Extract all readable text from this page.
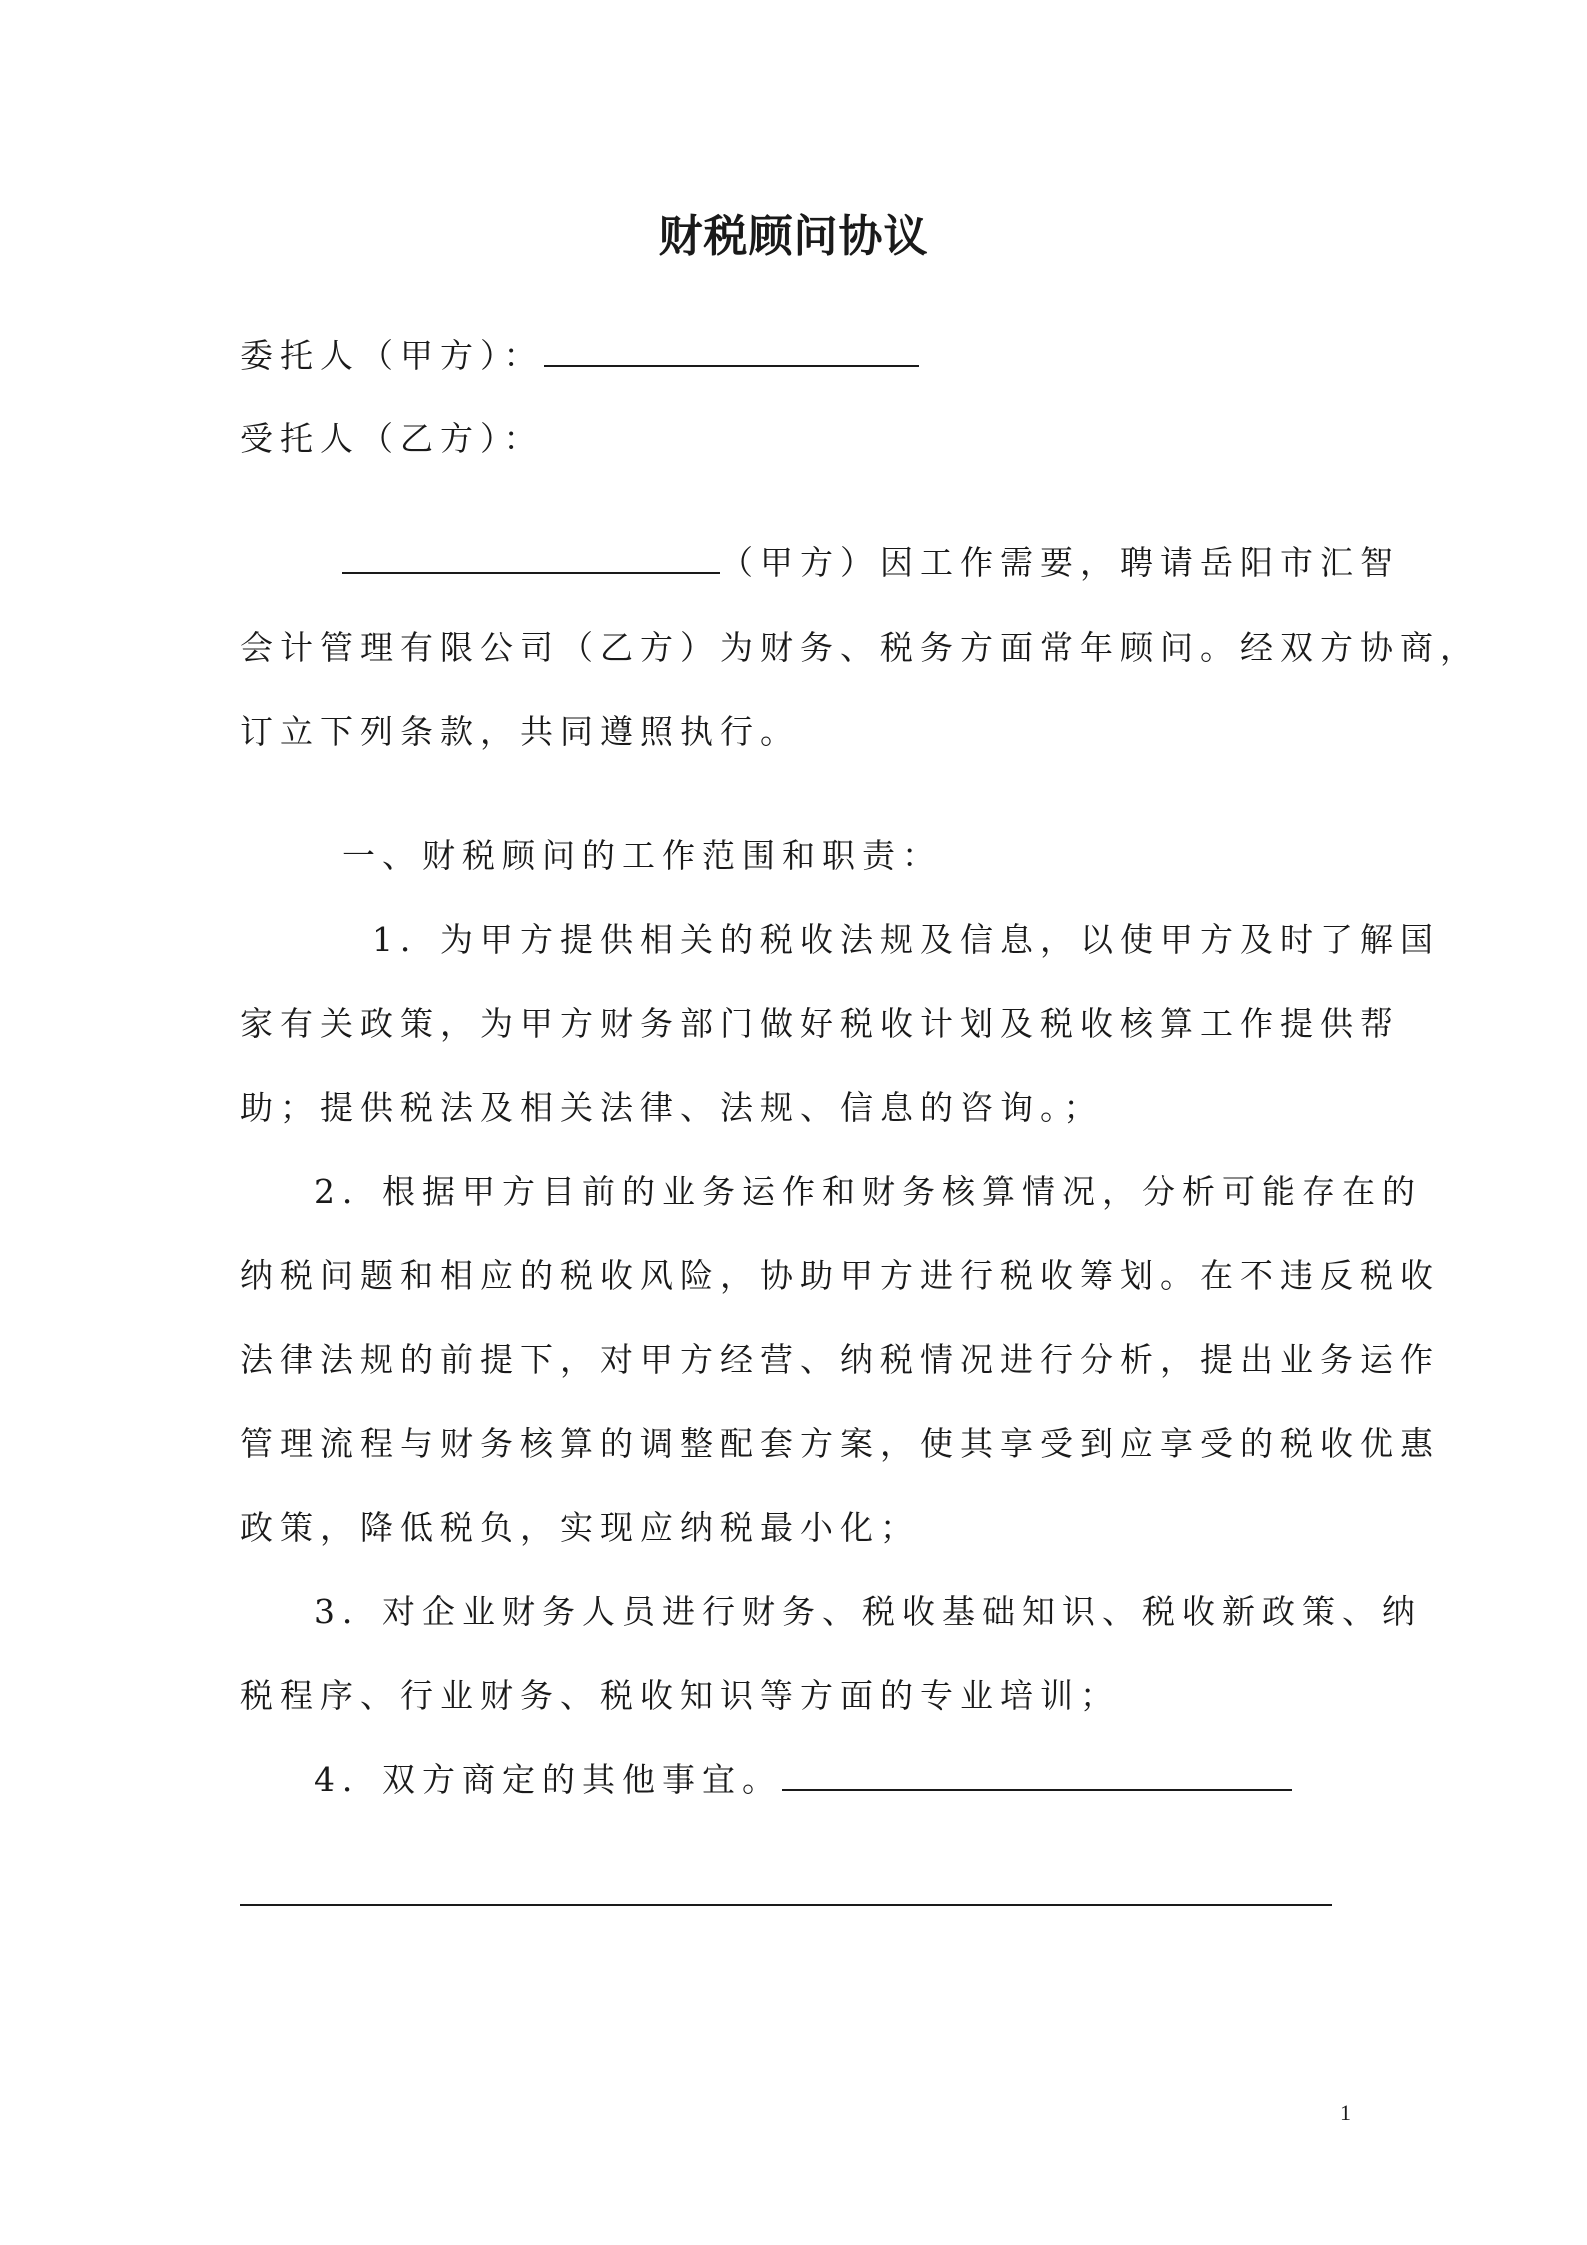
财税顾问协议
委托人（甲方）：
受托人（乙方）：
（甲方）因工作需要，聘请岳阳市汇智
会计管理有限公司（乙方）为财务、税务方面常年顾问。经双方协商，
订立下列条款，共同遵照执行。
一、财税顾问的工作范围和职责：
1．为甲方提供相关的税收法规及信息，以使甲方及时了解国
家有关政策，为甲方财务部门做好税收计划及税收核算工作提供帮
助；提供税法及相关法律、法规、信息的咨询。；
2．根据甲方目前的业务运作和财务核算情况，分析可能存在的
纳税问题和相应的税收风险，协助甲方进行税收筹划。在不违反税收
法律法规的前提下，对甲方经营、纳税情况进行分析，提出业务运作
管理流程与财务核算的调整配套方案，使其享受到应享受的税收优惠
政策，降低税负，实现应纳税最小化；
3．对企业财务人员进行财务、税收基础知识、税收新政策、纳
税程序、行业财务、税收知识等方面的专业培训；
4．双方商定的其他事宜。
1
